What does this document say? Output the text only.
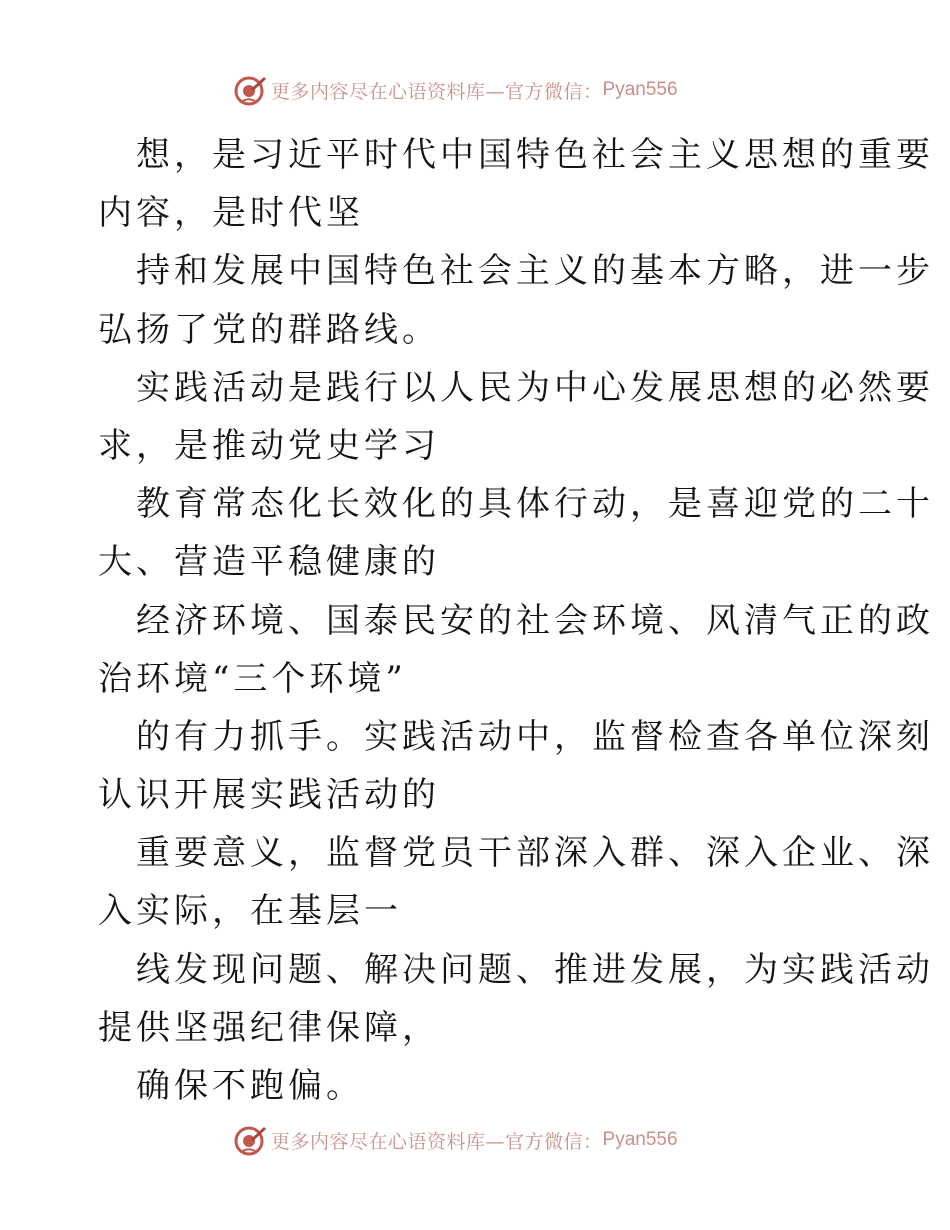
更多内容尽在心语资料库—官方微信： Pyan556
想，是习近平时代中国特色社会主义思想的重要
内容，是时代坚
持和发展中国特色社会主义的基本方略，进一步
弘扬了党的群路线。
实践活动是践行以人民为中心发展思想的必然要
求，是推动党史学习
教育常态化长效化的具体行动，是喜迎党的二十
大、营造平稳健康的
经济环境、国泰民安的社会环境、风清气正的政
治环境“三个环境”
的有力抓手。实践活动中，监督检查各单位深刻
认识开展实践活动的
重要意义，监督党员干部深入群、深入企业、深
入实际，在基层一
线发现问题、解决问题、推进发展，为实践活动
提供坚强纪律保障，
确保不跑偏。
更多内容尽在心语资料库—官方微信： Pyan556
